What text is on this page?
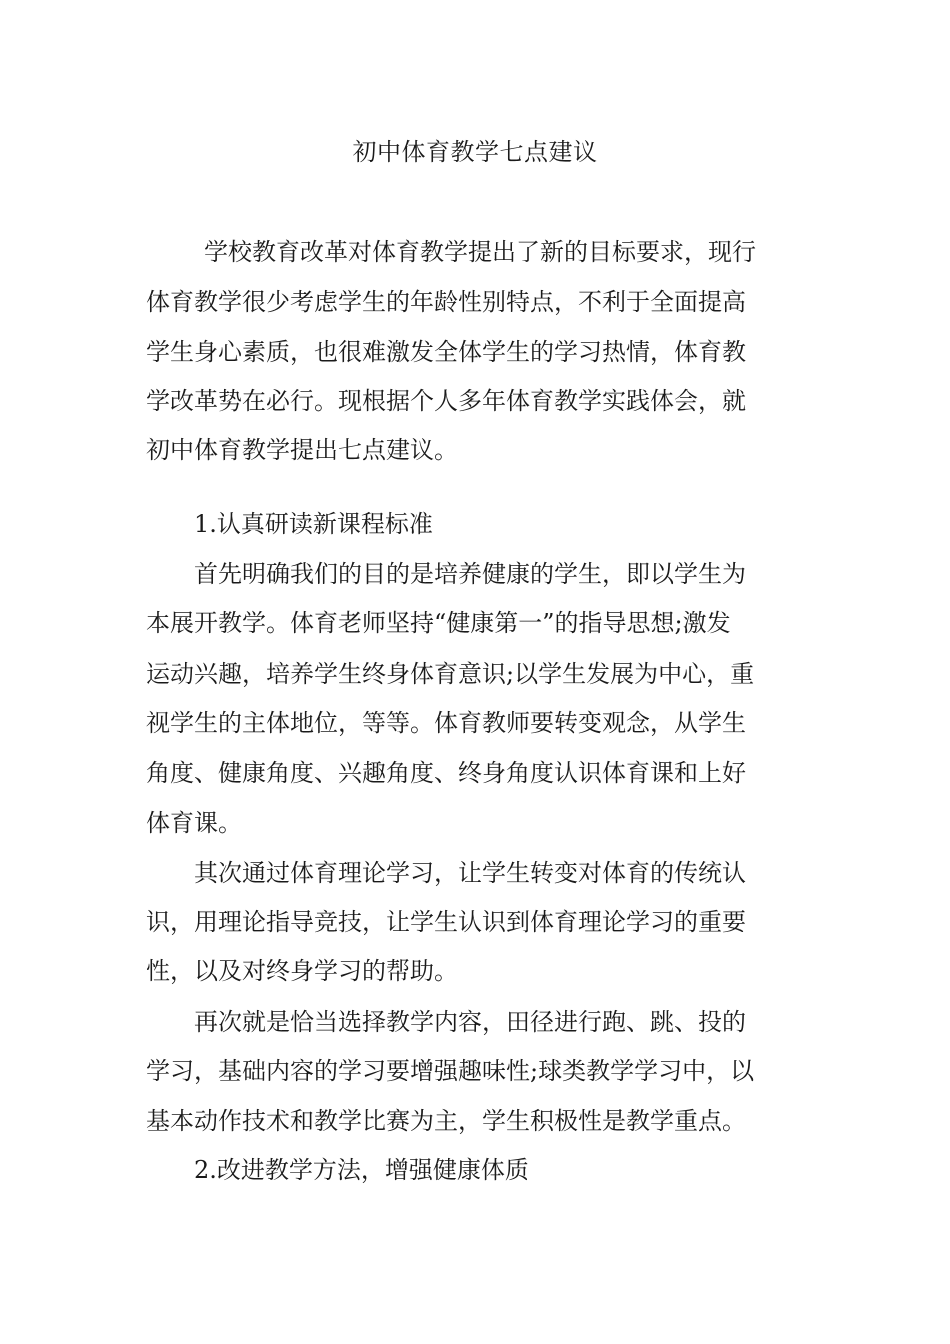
初中体育教学七点建议
学校教育改革对体育教学提出了新的目标要求，现行
体育教学很少考虑学生的年龄性别特点，不利于全面提高
学生身心素质，也很难激发全体学生的学习热情，体育教
学改革势在必行。现根据个人多年体育教学实践体会，就
初中体育教学提出七点建议。
1.认真研读新课程标准
首先明确我们的目的是培养健康的学生，即以学生为
本展开教学。体育老师坚持“健康第一”的指导思想;激发
运动兴趣，培养学生终身体育意识;以学生发展为中心，重
视学生的主体地位，等等。体育教师要转变观念，从学生
角度、健康角度、兴趣角度、终身角度认识体育课和上好
体育课。
其次通过体育理论学习，让学生转变对体育的传统认
识，用理论指导竞技，让学生认识到体育理论学习的重要
性，以及对终身学习的帮助。
再次就是恰当选择教学内容，田径进行跑、跳、投的
学习，基础内容的学习要增强趣味性;球类教学学习中，以
基本动作技术和教学比赛为主，学生积极性是教学重点。
2.改进教学方法，增强健康体质
